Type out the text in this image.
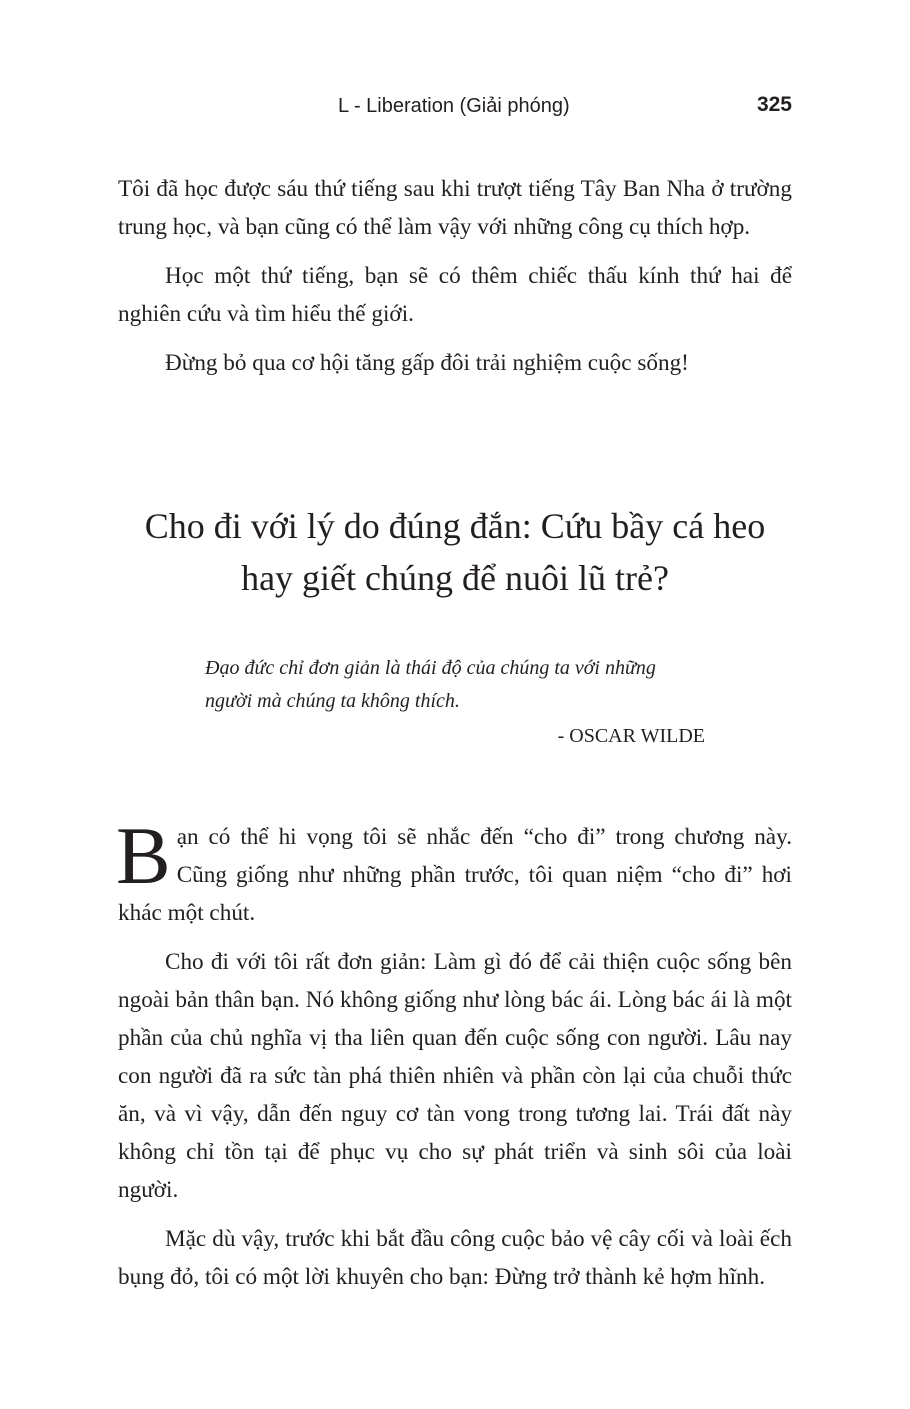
L - Liberation (Giải phóng)	325

Tôi đã học được sáu thứ tiếng sau khi trượt tiếng Tây Ban Nha ở trường trung học, và bạn cũng có thể làm vậy với những công cụ thích hợp.

Học một thứ tiếng, bạn sẽ có thêm chiếc thấu kính thứ hai để nghiên cứu và tìm hiểu thế giới.

Đừng bỏ qua cơ hội tăng gấp đôi trải nghiệm cuộc sống!

Cho đi với lý do đúng đắn: Cứu bầy cá heo
hay giết chúng để nuôi lũ trẻ?

Đạo đức chỉ đơn giản là thái độ của chúng ta với những người mà chúng ta không thích.

- OSCAR WILDE

Bạn có thể hi vọng tôi sẽ nhắc đến “cho đi” trong chương này. Cũng giống như những phần trước, tôi quan niệm “cho đi” hơi khác một chút.

Cho đi với tôi rất đơn giản: Làm gì đó để cải thiện cuộc sống bên ngoài bản thân bạn. Nó không giống như lòng bác ái. Lòng bác ái là một phần của chủ nghĩa vị tha liên quan đến cuộc sống con người. Lâu nay con người đã ra sức tàn phá thiên nhiên và phần còn lại của chuỗi thức ăn, và vì vậy, dẫn đến nguy cơ tàn vong trong tương lai. Trái đất này không chỉ tồn tại để phục vụ cho sự phát triển và sinh sôi của loài người.

Mặc dù vậy, trước khi bắt đầu công cuộc bảo vệ cây cối và loài ếch bụng đỏ, tôi có một lời khuyên cho bạn: Đừng trở thành kẻ hợm hĩnh.
